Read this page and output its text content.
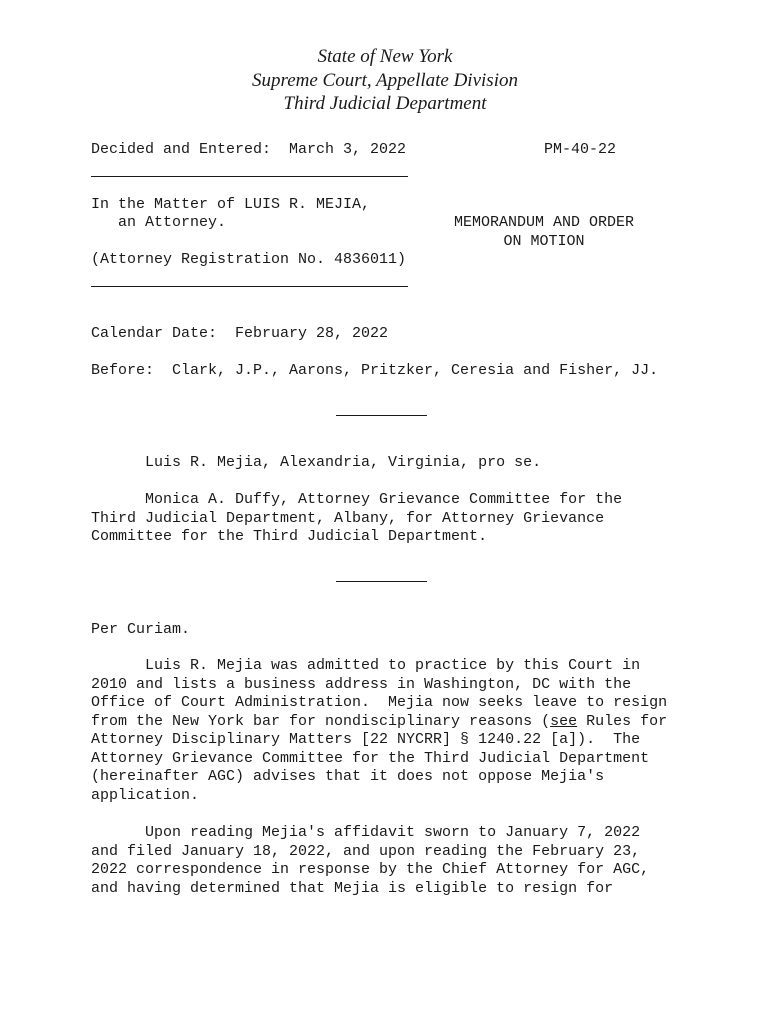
State of New York
Supreme Court, Appellate Division
Third Judicial Department
Decided and Entered:  March 3, 2022	PM-40-22
In the Matter of LUIS R. MEJIA,
an Attorney.
(Attorney Registration No. 4836011)
MEMORANDUM AND ORDER
ON MOTION
Calendar Date:  February 28, 2022
Before:  Clark, J.P., Aarons, Pritzker, Ceresia and Fisher, JJ.
Luis R. Mejia, Alexandria, Virginia, pro se.
Monica A. Duffy, Attorney Grievance Committee for the
Third Judicial Department, Albany, for Attorney Grievance
Committee for the Third Judicial Department.
Per Curiam.
Luis R. Mejia was admitted to practice by this Court in
2010 and lists a business address in Washington, DC with the
Office of Court Administration.  Mejia now seeks leave to resign
from the New York bar for nondisciplinary reasons (see Rules for
Attorney Disciplinary Matters [22 NYCRR] § 1240.22 [a]).  The
Attorney Grievance Committee for the Third Judicial Department
(hereinafter AGC) advises that it does not oppose Mejia's
application.
Upon reading Mejia's affidavit sworn to January 7, 2022
and filed January 18, 2022, and upon reading the February 23,
2022 correspondence in response by the Chief Attorney for AGC,
and having determined that Mejia is eligible to resign for
